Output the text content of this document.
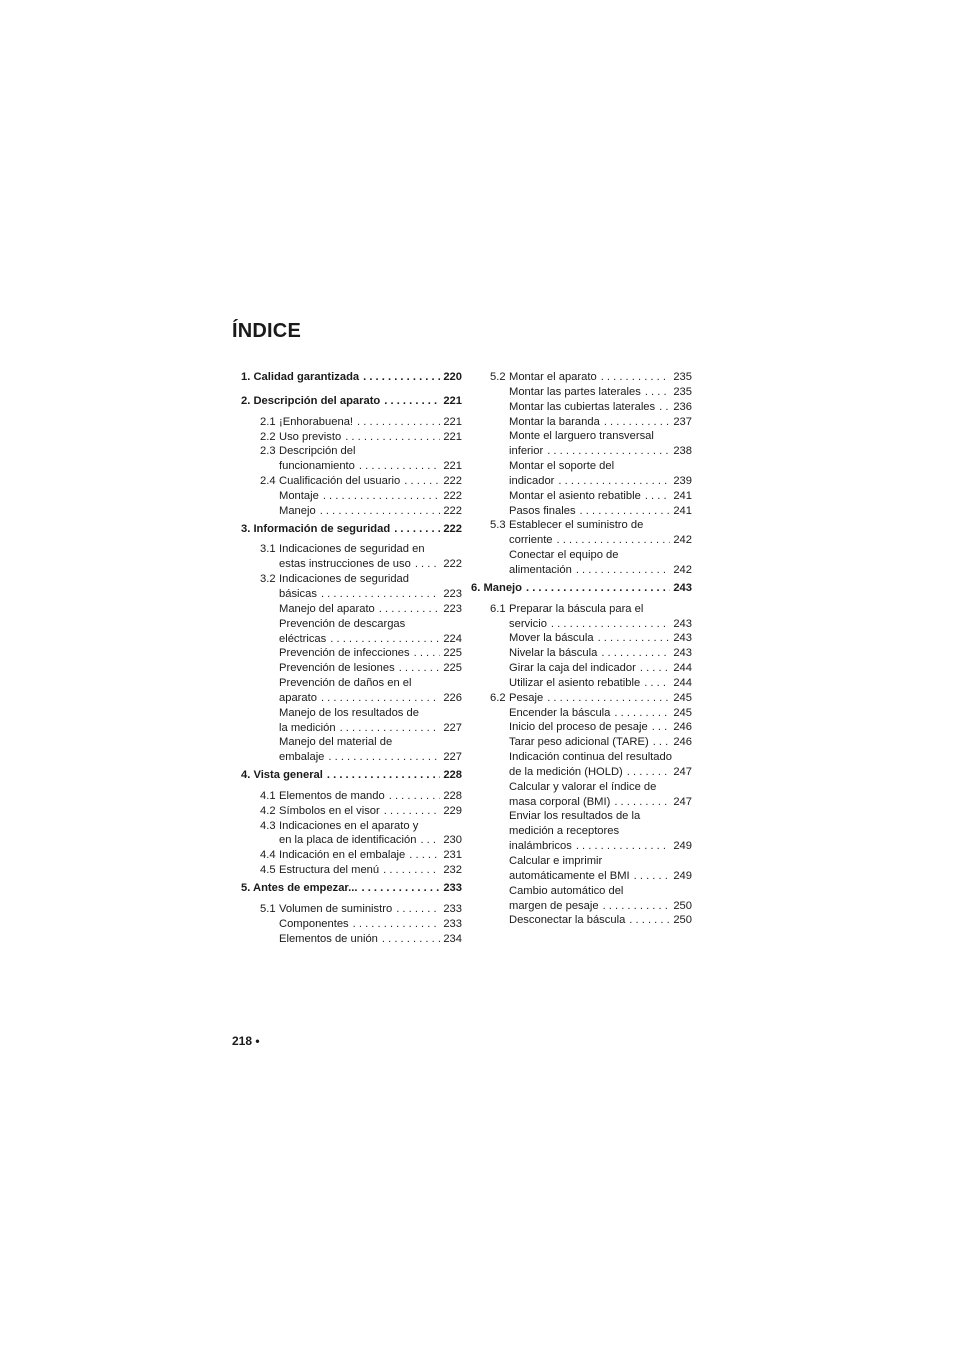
ÍNDICE
1. Calidad garantizada . . .	220
2. Descripción del aparato . . .	221
2.1 ¡Enhorabuena! . . .	221
2.2 Uso previsto . . .	221
2.3 Descripción del
funcionamiento . . .	221
2.4 Cualificación del usuario . . .	222
Montaje . . .	222
Manejo . . .	222
3. Información de seguridad . . .	222
3.1 Indicaciones de seguridad en
estas instrucciones de uso . . .	222
3.2 Indicaciones de seguridad
básicas . . .	223
Manejo del aparato . . .	223
Prevención de descargas
eléctricas . . .	224
Prevención de infecciones . . .	225
Prevención de lesiones . . .	225
Prevención de daños en el
aparato . . .	226
Manejo de los resultados de
la medición . . .	227
Manejo del material de
embalaje . . .	227
4. Vista general . . .	228
4.1 Elementos de mando . . .	228
4.2 Símbolos en el visor . . .	229
4.3 Indicaciones en el aparato y
en la placa de identificación . . . 230
4.4 Indicación en el embalaje . . .	231
4.5 Estructura del menú . . .	232
5. Antes de empezar... . . .	233
5.1 Volumen de suministro . . .	233
Componentes . . .	233
Elementos de unión . . .	234
5.2 Montar el aparato . . .	235
Montar las partes laterales . . .	235
Montar las cubiertas laterales . . . 236
Montar la baranda . . .	237
Monte el larguero transversal
inferior . . .	238
Montar el soporte del
indicador . . .	239
Montar el asiento rebatible . . .	241
Pasos finales . . .	241
5.3 Establecer el suministro de
corriente . . .	242
Conectar el equipo de
alimentación . . .	242
6. Manejo . . .	243
6.1 Preparar la báscula para el
servicio . . .	243
Mover la báscula . . .	243
Nivelar la báscula . . .	243
Girar la caja del indicador . . .	244
Utilizar el asiento rebatible . . .	244
6.2 Pesaje . . .	245
Encender la báscula . . .	245
Inicio del proceso de pesaje . . . 246
Tarar peso adicional (TARE) . . . 246
Indicación continua del resultado
de la medición (HOLD) . . .	247
Calcular y valorar el índice de
masa corporal (BMI) . . .	247
Enviar los resultados de la
medición a receptores
inalámbricos . . .	249
Calcular e imprimir
automáticamente el BMI . . .	249
Cambio automático del
margen de pesaje . . .	250
Desconectar la báscula . . .	250
218 •
